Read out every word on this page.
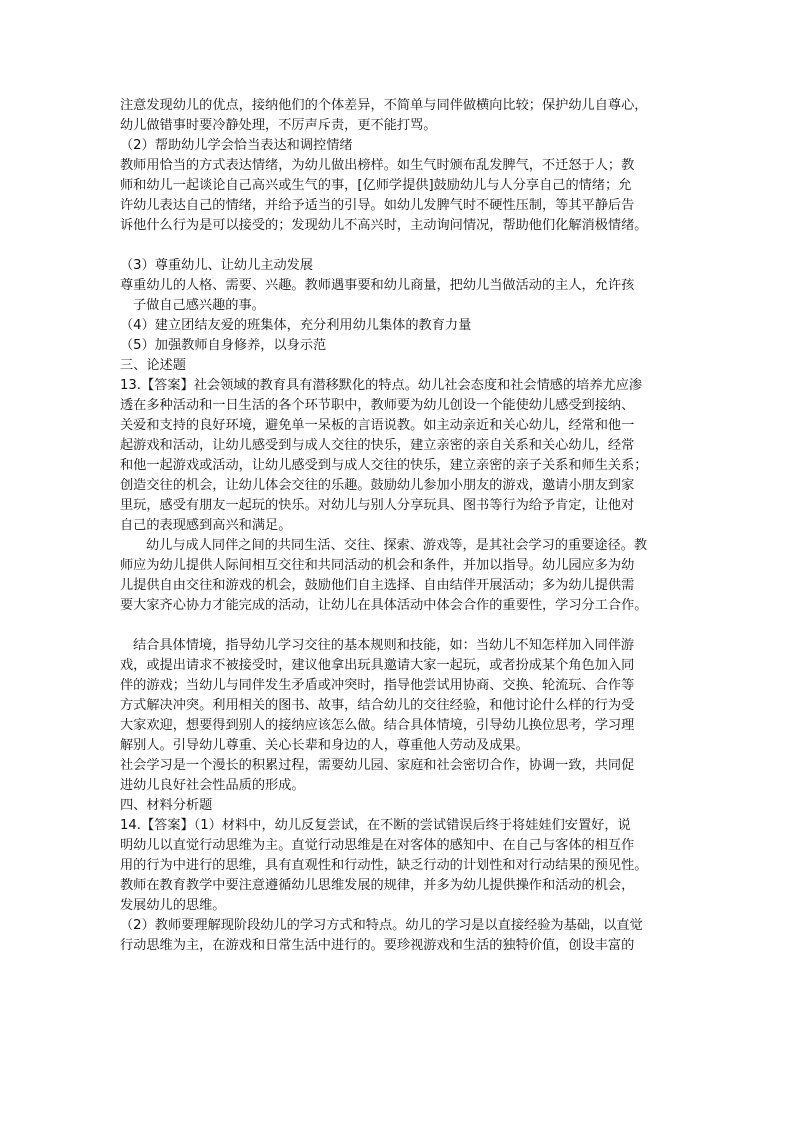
注意发现幼儿的优点，接纳他们的个体差异，不简单与同伴做横向比较；保护幼儿自尊心，
幼儿做错事时要冷静处理，不厉声斥责，更不能打骂。
（2）帮助幼儿学会恰当表达和调控情绪
教师用恰当的方式表达情绪，为幼儿做出榜样。如生气时颁布乱发脾气，不迁怒于人；教
师和幼儿一起谈论自己高兴或生气的事，[亿师学提供]鼓励幼儿与人分享自己的情绪；允
许幼儿表达自己的情绪，并给予适当的引导。如幼儿发脾气时不硬性压制，等其平静后告
诉他什么行为是可以接受的；发现幼儿不高兴时，主动询问情况，帮助他们化解消极情绪。
（3）尊重幼儿、让幼儿主动发展
尊重幼儿的人格、需要、兴趣。教师遇事要和幼儿商量，把幼儿当做活动的主人，允许孩
子做自己感兴趣的事。
（4）建立团结友爱的班集体，充分利用幼儿集体的教育力量
（5）加强教师自身修养，以身示范
三、论述题
13.【答案】社会领域的教育具有潜移默化的特点。幼儿社会态度和社会情感的培养尤应渗
透在多种活动和一日生活的各个环节职中，教师要为幼儿创设一个能使幼儿感受到接纳、
关爱和支持的良好环境，避免单一呆板的言语说教。如主动亲近和关心幼儿，经常和他一
起游戏和活动，让幼儿感受到与成人交往的快乐，建立亲密的亲自关系和关心幼儿，经常
和他一起游戏或活动，让幼儿感受到与成人交往的快乐，建立亲密的亲子关系和师生关系；
创造交往的机会，让幼儿体会交往的乐趣。鼓励幼儿参加小朋友的游戏，邀请小朋友到家
里玩，感受有朋友一起玩的快乐。对幼儿与别人分享玩具、图书等行为给予肯定，让他对
自己的表现感到高兴和满足。
幼儿与成人同伴之间的共同生活、交往、探索、游戏等，是其社会学习的重要途径。教
师应为幼儿提供人际间相互交往和共同活动的机会和条件，并加以指导。幼儿园应多为幼
儿提供自由交往和游戏的机会，鼓励他们自主选择、自由结伴开展活动；多为幼儿提供需
要大家齐心协力才能完成的活动，让幼儿在具体活动中体会合作的重要性，学习分工合作。
结合具体情境，指导幼儿学习交往的基本规则和技能，如：当幼儿不知怎样加入同伴游
戏，或提出请求不被接受时，建议他拿出玩具邀请大家一起玩，或者扮成某个角色加入同
伴的游戏；当幼儿与同伴发生矛盾或冲突时，指导他尝试用协商、交换、轮流玩、合作等
方式解决冲突。利用相关的图书、故事，结合幼儿的交往经验，和他讨论什么样的行为受
大家欢迎，想要得到别人的接纳应该怎么做。结合具体情境，引导幼儿换位思考，学习理
解别人。引导幼儿尊重、关心长辈和身边的人，尊重他人劳动及成果。
社会学习是一个漫长的积累过程，需要幼儿园、家庭和社会密切合作，协调一致，共同促
进幼儿良好社会性品质的形成。
四、材料分析题
14.【答案】（1）材料中，幼儿反复尝试，在不断的尝试错误后终于将娃娃们安置好，说
明幼儿以直觉行动思维为主。直觉行动思维是在对客体的感知中、在自己与客体的相互作
用的行为中进行的思维，具有直观性和行动性，缺乏行动的计划性和对行动结果的预见性。
教师在教育教学中要注意遵循幼儿思维发展的规律，并多为幼儿提供操作和活动的机会，
发展幼儿的思维。
（2）教师要理解现阶段幼儿的学习方式和特点。幼儿的学习是以直接经验为基础，以直觉
行动思维为主，在游戏和日常生活中进行的。要珍视游戏和生活的独特价值，创设丰富的
